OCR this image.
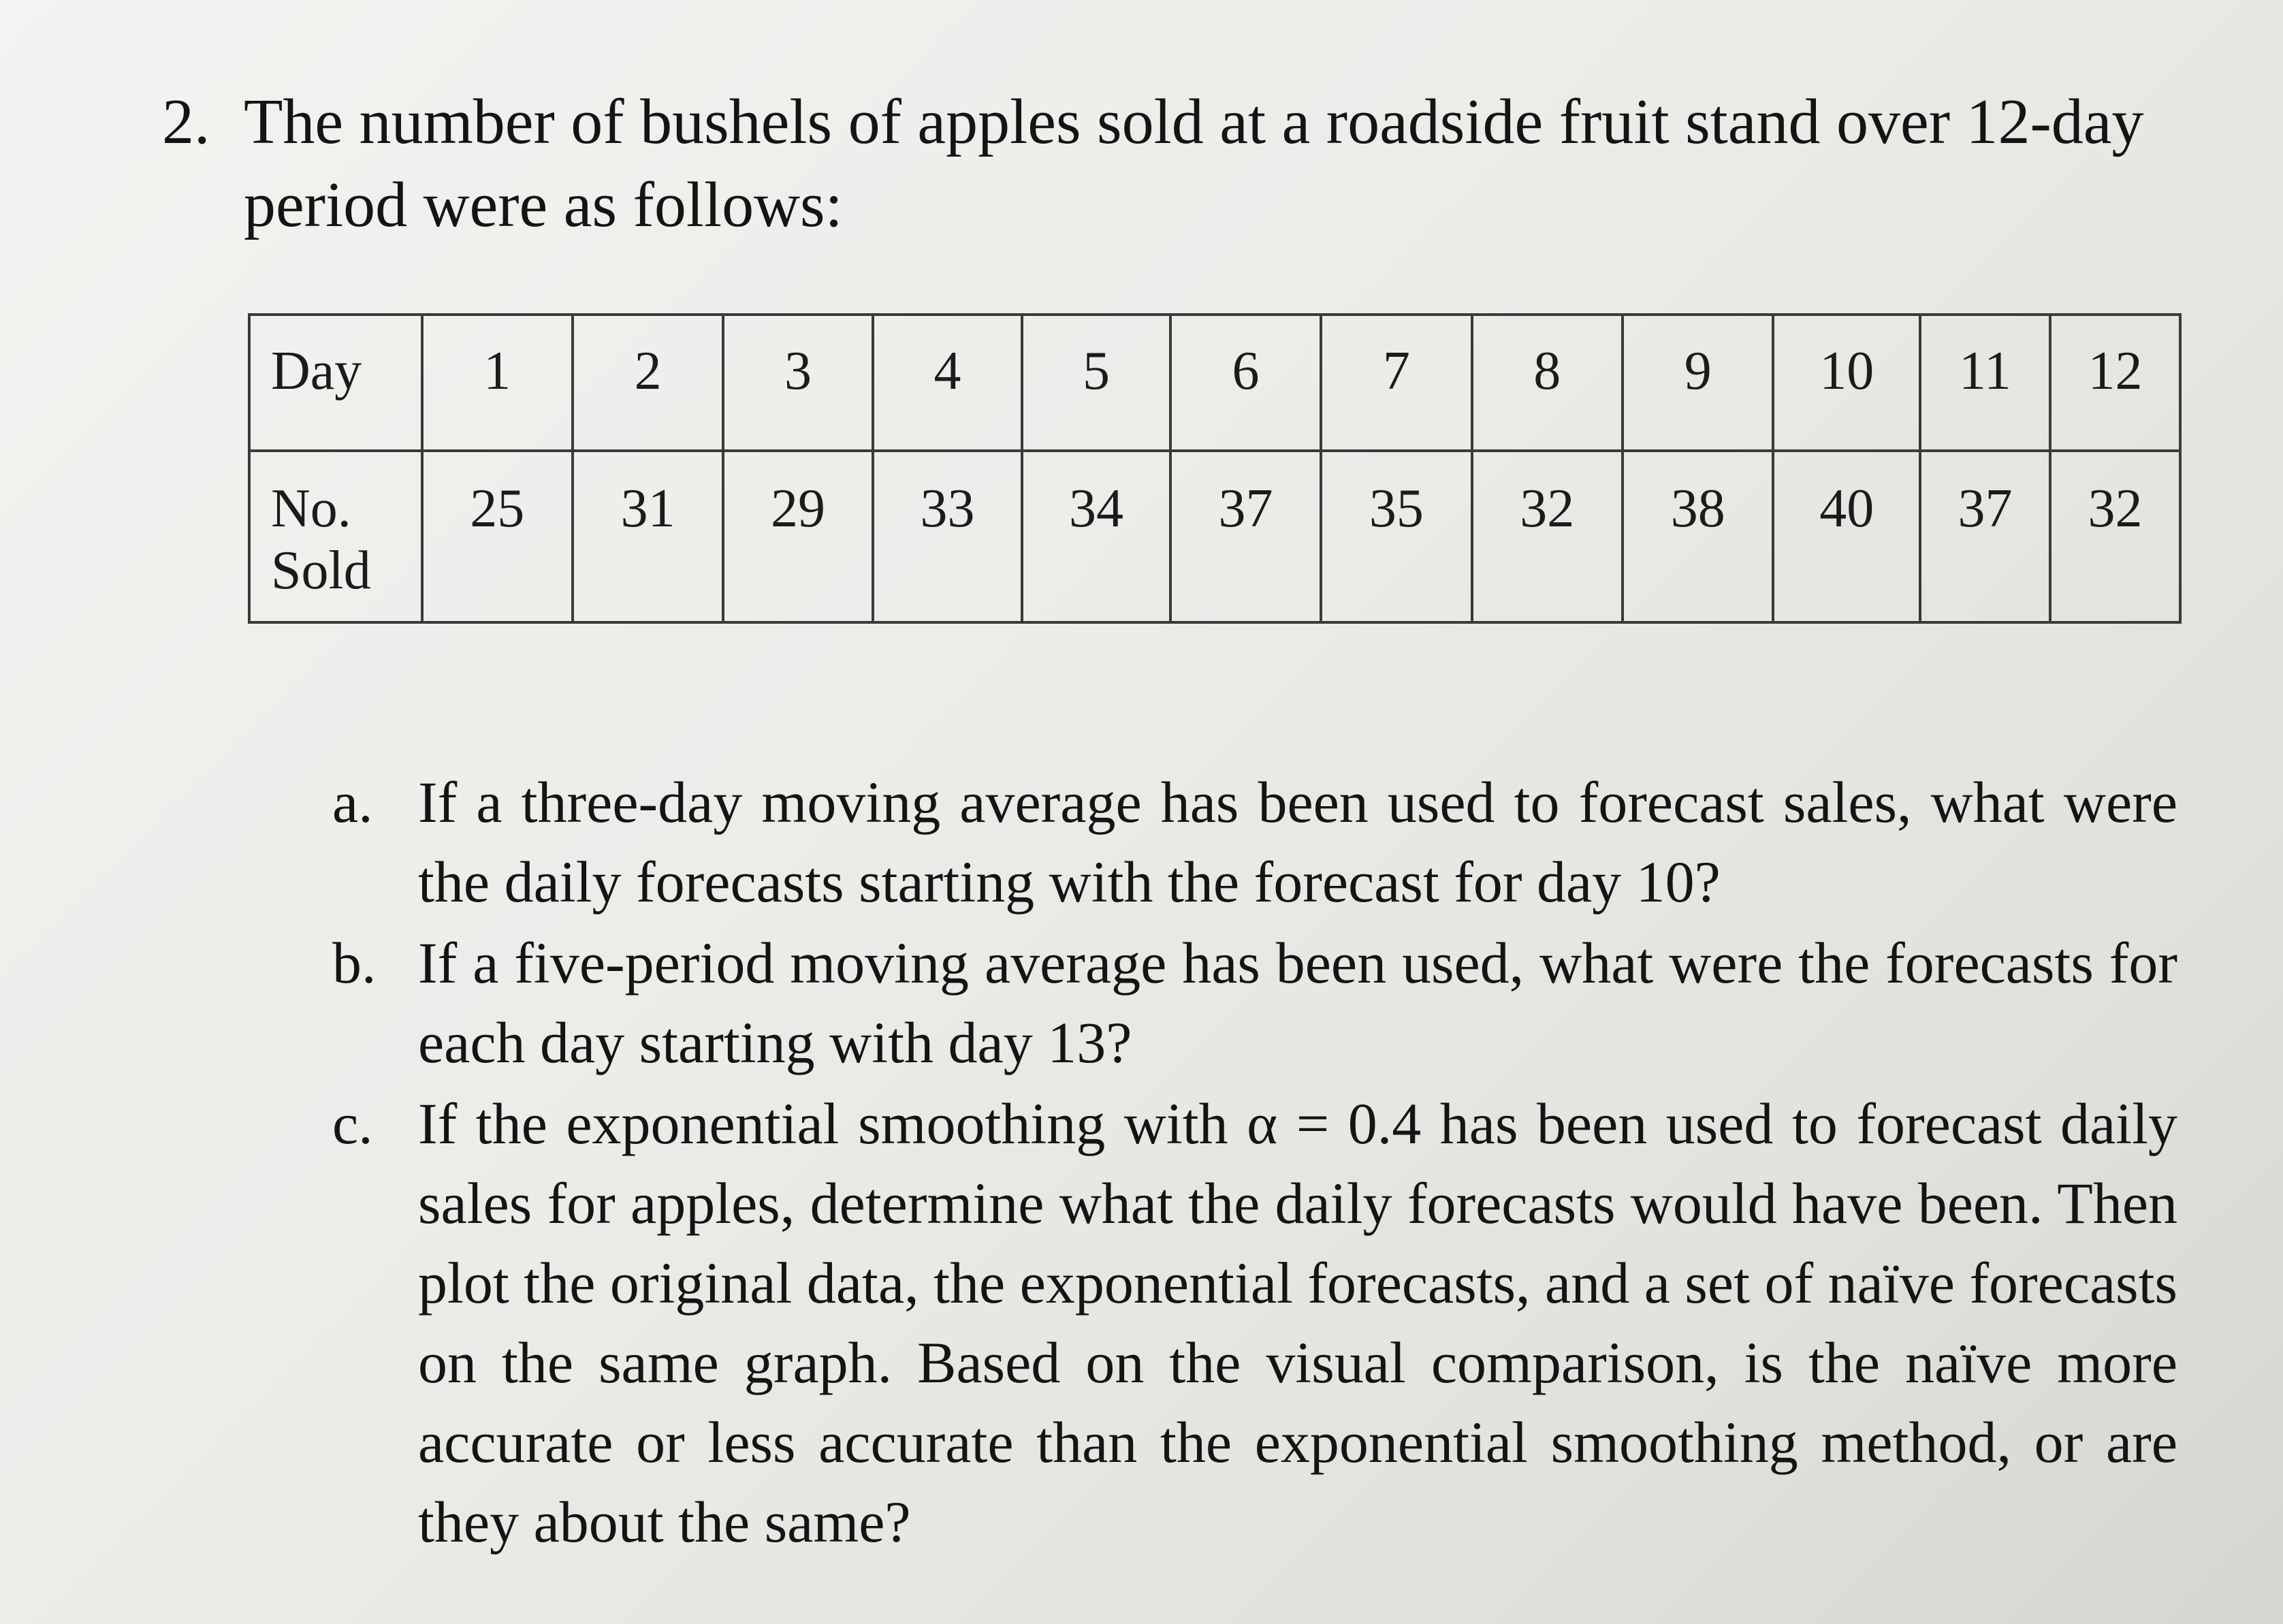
2. The number of bushels of apples sold at a roadside fruit stand over 12-day period were as follows:
Day	1	2	3	4	5	6	7	8	9	10	11	12
No. Sold	25	31	29	33	34	37	35	32	38	40	37	32
a. If a three-day moving average has been used to forecast sales, what were the daily forecasts starting with the forecast for day 10?
b. If a five-period moving average has been used, what were the forecasts for each day starting with day 13?
c. If the exponential smoothing with α = 0.4 has been used to forecast daily sales for apples, determine what the daily forecasts would have been. Then plot the original data, the exponential forecasts, and a set of naïve forecasts on the same graph. Based on the visual comparison, is the naïve more accurate or less accurate than the exponential smoothing method, or are they about the same?
